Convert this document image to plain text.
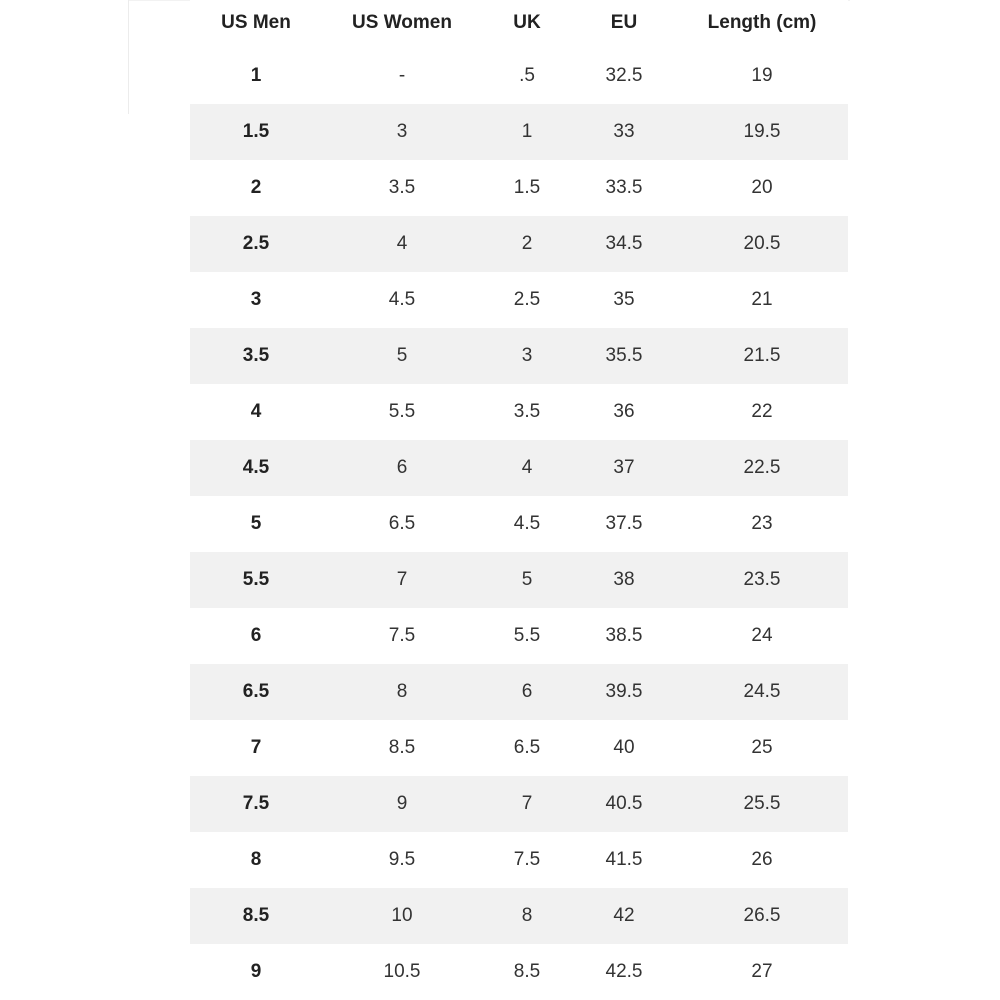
US Men	US Women	UK	EU	Length (cm)
1	-	.5	32.5	19
1.5	3	1	33	19.5
2	3.5	1.5	33.5	20
2.5	4	2	34.5	20.5
3	4.5	2.5	35	21
3.5	5	3	35.5	21.5
4	5.5	3.5	36	22
4.5	6	4	37	22.5
5	6.5	4.5	37.5	23
5.5	7	5	38	23.5
6	7.5	5.5	38.5	24
6.5	8	6	39.5	24.5
7	8.5	6.5	40	25
7.5	9	7	40.5	25.5
8	9.5	7.5	41.5	26
8.5	10	8	42	26.5
9	10.5	8.5	42.5	27
